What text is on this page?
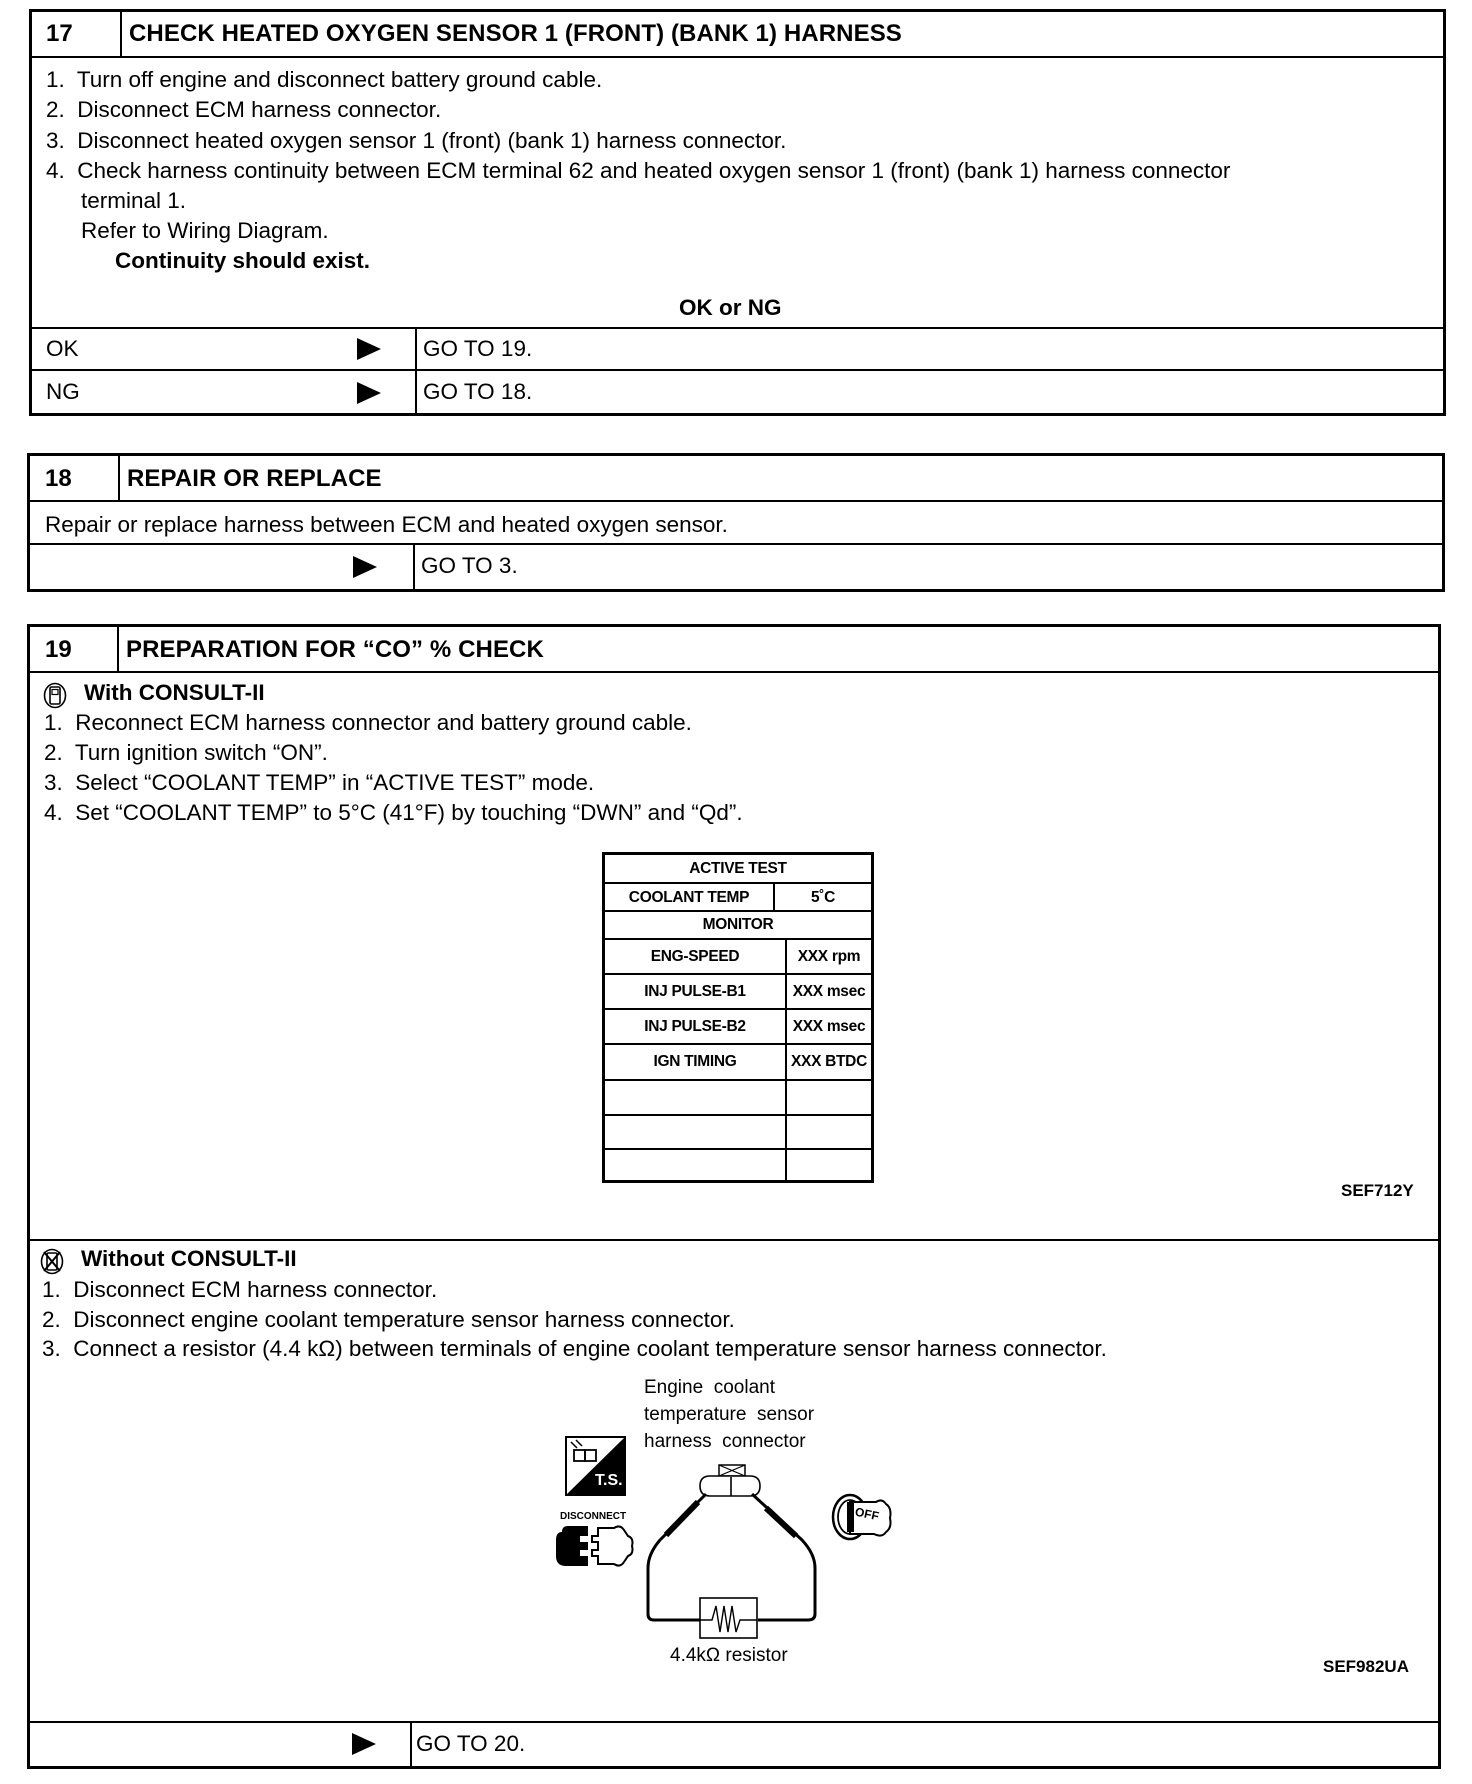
17 CHECK HEATED OXYGEN SENSOR 1 (FRONT) (BANK 1) HARNESS
1.  Turn off engine and disconnect battery ground cable.
2.  Disconnect ECM harness connector.
3.  Disconnect heated oxygen sensor 1 (front) (bank 1) harness connector.
4.  Check harness continuity between ECM terminal 62 and heated oxygen sensor 1 (front) (bank 1) harness connector
terminal 1.
Refer to Wiring Diagram.
Continuity should exist.
OK or NG
OK	GO TO 19.
NG	GO TO 18.
18 REPAIR OR REPLACE
Repair or replace harness between ECM and heated oxygen sensor.
GO TO 3.
19 PREPARATION FOR “CO” % CHECK
With CONSULT-II
1.  Reconnect ECM harness connector and battery ground cable.
2.  Turn ignition switch “ON”.
3.  Select “COOLANT TEMP” in “ACTIVE TEST” mode.
4.  Set “COOLANT TEMP” to 5°C (41°F) by touching “DWN” and “Qd”.
ACTIVE TEST
COOLANT TEMP	5˚C
MONITOR
ENG-SPEED	XXX rpm
INJ PULSE-B1	XXX msec
INJ PULSE-B2	XXX msec
IGN TIMING	XXX BTDC
SEF712Y
Without CONSULT-II
1.  Disconnect ECM harness connector.
2.  Disconnect engine coolant temperature sensor harness connector.
3.  Connect a resistor (4.4 kΩ) between terminals of engine coolant temperature sensor harness connector.
Engine  coolant
temperature  sensor
harness  connector
T.S.
DISCONNECT	OFF
4.4kΩ resistor
SEF982UA
GO TO 20.
